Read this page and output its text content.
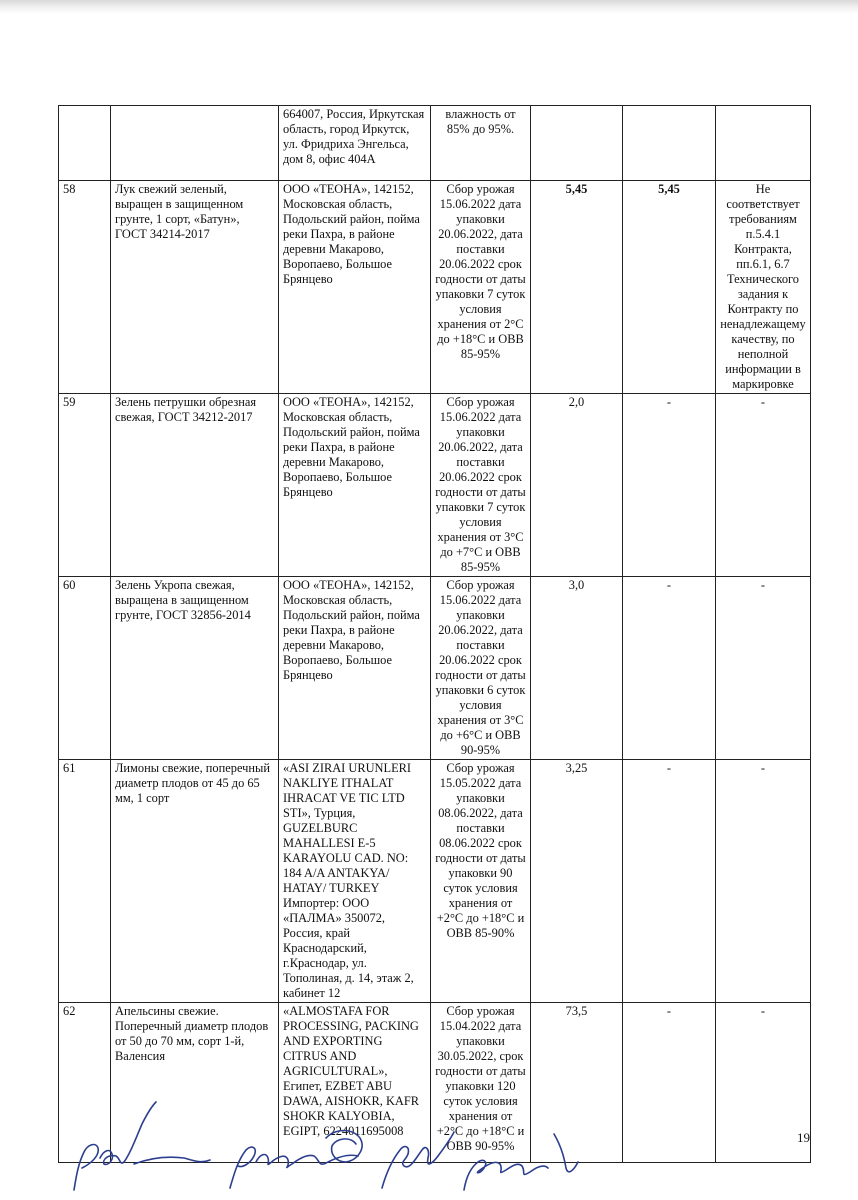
		664007, Россия, Иркутская область, город Иркутск, ул. Фридриха Энгельса, дом 8, офис 404А	влажность от 85% до 95%.			
58	Лук свежий зеленый, выращен в защищенном грунте, 1 сорт, «Батун», ГОСТ 34214-2017	ООО «ТЕОНА», 142152, Московская область, Подольский район, пойма реки Пахра, в районе деревни Макарово, Воропаево, Большое Брянцево	Сбор урожая 15.06.2022 дата упаковки 20.06.2022, дата поставки 20.06.2022 срок годности от даты упаковки 7 суток условия хранения от 2°С до +18°С и ОВВ 85-95%	5,45	5,45	Не соответствует требованиям п.5.4.1 Контракта, пп.6.1, 6.7 Технического задания к Контракту по ненадлежащему качеству, по неполной информации в маркировке
59	Зелень петрушки обрезная свежая, ГОСТ 34212-2017	ООО «ТЕОНА», 142152, Московская область, Подольский район, пойма реки Пахра, в районе деревни Макарово, Воропаево, Большое Брянцево	Сбор урожая 15.06.2022 дата упаковки 20.06.2022, дата поставки 20.06.2022 срок годности от даты упаковки 7 суток условия хранения от 3°С до +7°С и ОВВ 85-95%	2,0	-	-
60	Зелень Укропа свежая, выращена в защищенном грунте, ГОСТ 32856-2014	ООО «ТЕОНА», 142152, Московская область, Подольский район, пойма реки Пахра, в районе деревни Макарово, Воропаево, Большое Брянцево	Сбор урожая 15.06.2022 дата упаковки 20.06.2022, дата поставки 20.06.2022 срок годности от даты упаковки 6 суток условия хранения от 3°С до +6°С и ОВВ 90-95%	3,0	-	-
61	Лимоны свежие, поперечный диаметр плодов от 45 до 65 мм, 1 сорт	«ASI ZIRAI URUNLERI NAKLIYE ITHALAT IHRACAT VE TIC LTD STI», Турция, GUZELBURC MAHALLESI E-5 KARAYOLU CAD. NO: 184 A/A ANTAKYA/ HATAY/ TURKEY Импортер: ООО «ПАЛМА» 350072, Россия, край Краснодарский, г.Краснодар, ул. Тополиная, д. 14, этаж 2, кабинет 12	Сбор урожая 15.05.2022 дата упаковки 08.06.2022, дата поставки 08.06.2022 срок годности от даты упаковки 90 суток условия хранения от +2°С до +18°С и ОВВ 85-90%	3,25	-	-
62	Апельсины свежие. Поперечный диаметр плодов от 50 до 70 мм, сорт 1-й, Валенсия	«ALMOSTAFA FOR PROCESSING, PACKING AND EXPORTING CITRUS AND AGRICULTURAL», Египет, EZBET ABU DAWA, AISHOKR, KAFR SHOKR KALYOBIA, EGIPT, 6224011695008	Сбор урожая 15.04.2022 дата упаковки 30.05.2022, срок годности от даты упаковки 120 суток условия хранения от +2°С до +18°С и ОВВ 90-95%	73,5	-	-
19
